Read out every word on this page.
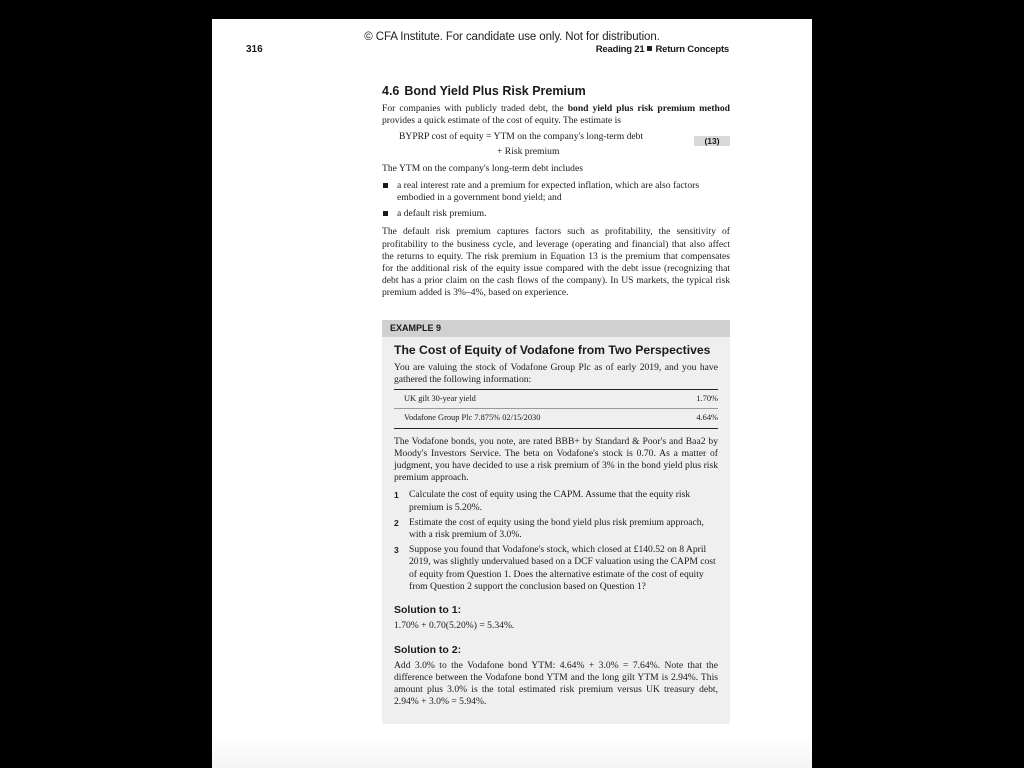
© CFA Institute. For candidate use only. Not for distribution.
316	Reading 21 Return Concepts
4.6 Bond Yield Plus Risk Premium

For companies with publicly traded debt, the bond yield plus risk premium method provides a quick estimate of the cost of equity. The estimate is

BYPRP cost of equity = YTM on the company's long-term debt
+ Risk premium
(13)

The YTM on the company's long-term debt includes

a real interest rate and a premium for expected inflation, which are also factors embodied in a government bond yield; and
a default risk premium.

The default risk premium captures factors such as profitability, the sensitivity of profitability to the business cycle, and leverage (operating and financial) that also affect the returns to equity. The risk premium in Equation 13 is the premium that compensates for the additional risk of the equity issue compared with the debt issue (recognizing that debt has a prior claim on the cash flows of the company). In US markets, the typical risk premium added is 3%–4%, based on experience.

EXAMPLE 9
The Cost of Equity of Vodafone from Two Perspectives

You are valuing the stock of Vodafone Group Plc as of early 2019, and you have gathered the following information:

UK gilt 30-year yield	1.70%
Vodafone Group Plc 7.875% 02/15/2030	4.64%

The Vodafone bonds, you note, are rated BBB+ by Standard & Poor's and Baa2 by Moody's Investors Service. The beta on Vodafone's stock is 0.70. As a matter of judgment, you have decided to use a risk premium of 3% in the bond yield plus risk premium approach.

1 Calculate the cost of equity using the CAPM. Assume that the equity risk premium is 5.20%.
2 Estimate the cost of equity using the bond yield plus risk premium approach, with a risk premium of 3.0%.
3 Suppose you found that Vodafone's stock, which closed at £140.52 on 8 April 2019, was slightly undervalued based on a DCF valuation using the CAPM cost of equity from Question 1. Does the alternative estimate of the cost of equity from Question 2 support the conclusion based on Question 1?
Solution to 1:

1.70% + 0.70(5.20%) = 5.34%.

Solution to 2:

Add 3.0% to the Vodafone bond YTM: 4.64% + 3.0% = 7.64%. Note that the difference between the Vodafone bond YTM and the long gilt YTM is 2.94%. This amount plus 3.0% is the total estimated risk premium versus UK treasury debt, 2.94% + 3.0% = 5.94%.
